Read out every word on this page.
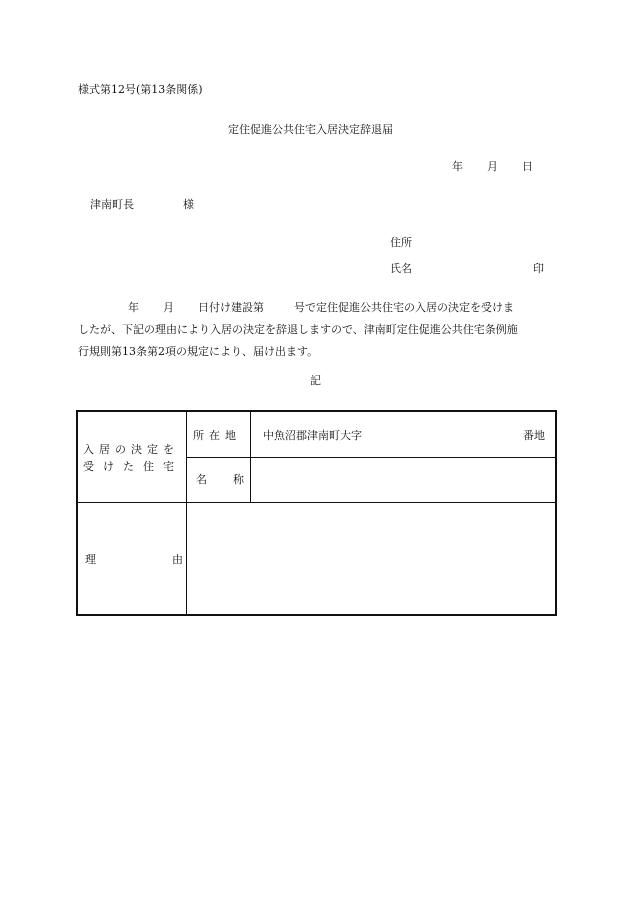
様式第12号(第13条関係)
定住促進公共住宅入居決定辞退届
年 月 日
津南町長	様
住所
氏名	印
年 月 日付け建設第	号で定住促進公共住宅の入居の決定を受けま
したが、下記の理由により入居の決定を辞退しますので、津南町定住促進公共住宅条例施
行規則第13条第2項の規定により、届け出ます。
記
入居の決定を
受けた住宅
所在地 中魚沼郡津南町大字	番地
名 称
理	由
